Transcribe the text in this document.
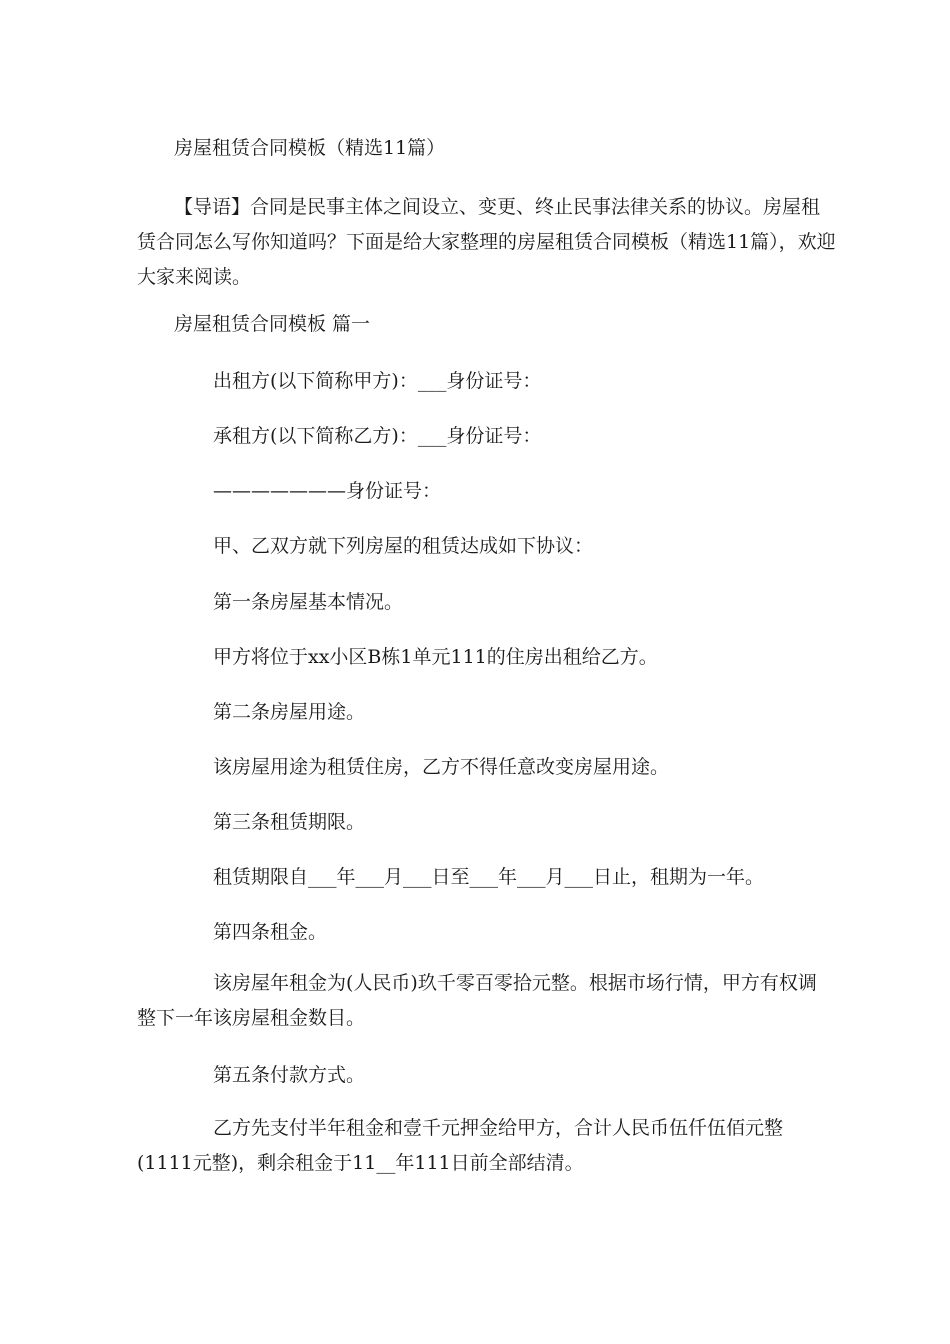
房屋租赁合同模板（精选11篇）
【导语】合同是民事主体之间设立、变更、终止民事法律关系的协议。房屋租赁合同怎么写你知道吗？下面是给大家整理的房屋租赁合同模板（精选11篇），欢迎大家来阅读。
房屋租赁合同模板 篇一
出租方(以下简称甲方)：___身份证号：
承租方(以下简称乙方)：___身份证号：
———————身份证号：
甲、乙双方就下列房屋的租赁达成如下协议：
第一条房屋基本情况。
甲方将位于xx小区B栋1单元111的住房出租给乙方。
第二条房屋用途。
该房屋用途为租赁住房，乙方不得任意改变房屋用途。
第三条租赁期限。
租赁期限自___年___月___日至___年___月___日止，租期为一年。
第四条租金。
该房屋年租金为(人民币)玖千零百零拾元整。根据市场行情，甲方有权调整下一年该房屋租金数目。
第五条付款方式。
乙方先支付半年租金和壹千元押金给甲方，合计人民币伍仟伍佰元整(1111元整)，剩余租金于11__年111日前全部结清。
